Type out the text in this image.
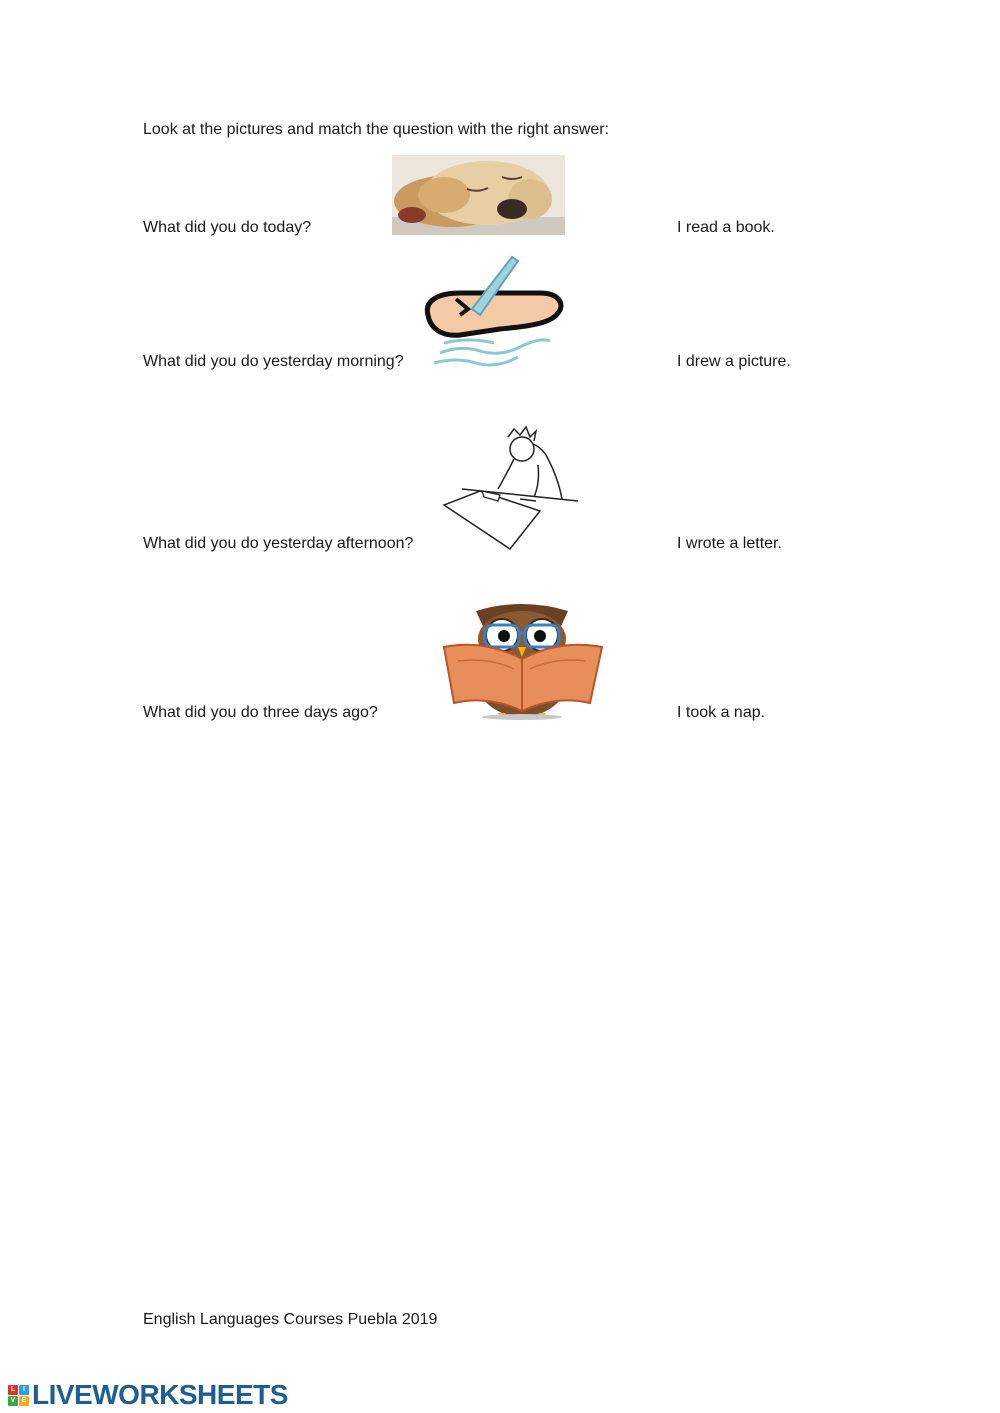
Look at the pictures and match the question with the right answer:
What did you do today?	I read a book.
What did you do yesterday morning?	I drew a picture.
What did you do yesterday afternoon?	I wrote a letter.
What did you do three days ago?	I took a nap.
English Languages Courses Puebla 2019
L	I
V E LIVEWORKSHEETS
